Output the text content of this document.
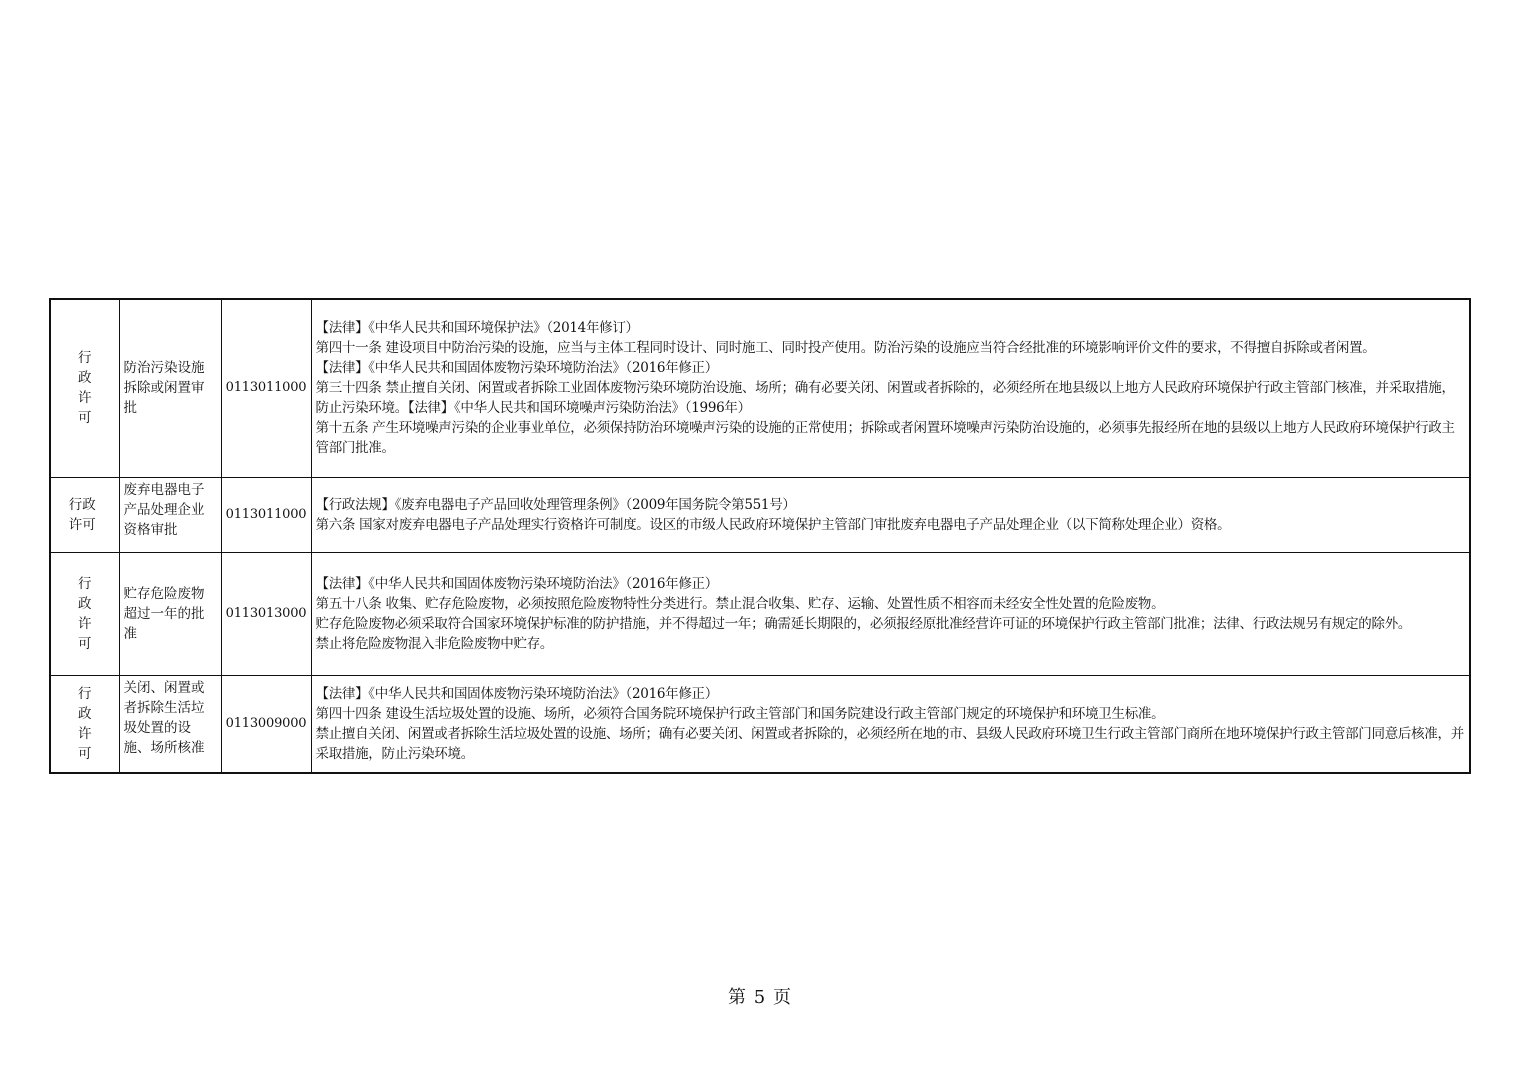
行政许可	防治污染设施拆除或闲置审批	0113011000	【法律】《中华人民共和国环境保护法》（2014年修订）
第四十一条 建设项目中防治污染的设施，应当与主体工程同时设计、同时施工、同时投产使用。防治污染的设施应当符合经批准的环境影响评价文件的要求，不得擅自拆除或者闲置。
【法律】《中华人民共和国固体废物污染环境防治法》（2016年修正）
第三十四条 禁止擅自关闭、闲置或者拆除工业固体废物污染环境防治设施、场所；确有必要关闭、闲置或者拆除的，必须经所在地县级以上地方人民政府环境保护行政主管部门核准，并采取措施，防止污染环境。【法律】《中华人民共和国环境噪声污染防治法》（1996年）
第十五条 产生环境噪声污染的企业事业单位，必须保持防治环境噪声污染的设施的正常使用；拆除或者闲置环境噪声污染防治设施的，必须事先报经所在地的县级以上地方人民政府环境保护行政主管部门批准。

行政许可	废弃电器电子产品处理企业资格审批	0113011000	【行政法规】《废弃电器电子产品回收处理管理条例》（2009年国务院令第551号）
第六条 国家对废弃电器电子产品处理实行资格许可制度。设区的市级人民政府环境保护主管部门审批废弃电器电子产品处理企业（以下简称处理企业）资格。

行政许可	贮存危险废物超过一年的批准	0113013000	【法律】《中华人民共和国固体废物污染环境防治法》（2016年修正）
第五十八条 收集、贮存危险废物，必须按照危险废物特性分类进行。禁止混合收集、贮存、运输、处置性质不相容而未经安全性处置的危险废物。
贮存危险废物必须采取符合国家环境保护标准的防护措施，并不得超过一年；确需延长期限的，必须报经原批准经营许可证的环境保护行政主管部门批准；法律、行政法规另有规定的除外。
禁止将危险废物混入非危险废物中贮存。

行政许可	关闭、闲置或者拆除生活垃圾处置的设施、场所核准	0113009000	【法律】《中华人民共和国固体废物污染环境防治法》（2016年修正）
第四十四条 建设生活垃圾处置的设施、场所，必须符合国务院环境保护行政主管部门和国务院建设行政主管部门规定的环境保护和环境卫生标准。
禁止擅自关闭、闲置或者拆除生活垃圾处置的设施、场所；确有必要关闭、闲置或者拆除的，必须经所在地的市、县级人民政府环境卫生行政主管部门商所在地环境保护行政主管部门同意后核准，并采取措施，防止污染环境。
第 5 页
